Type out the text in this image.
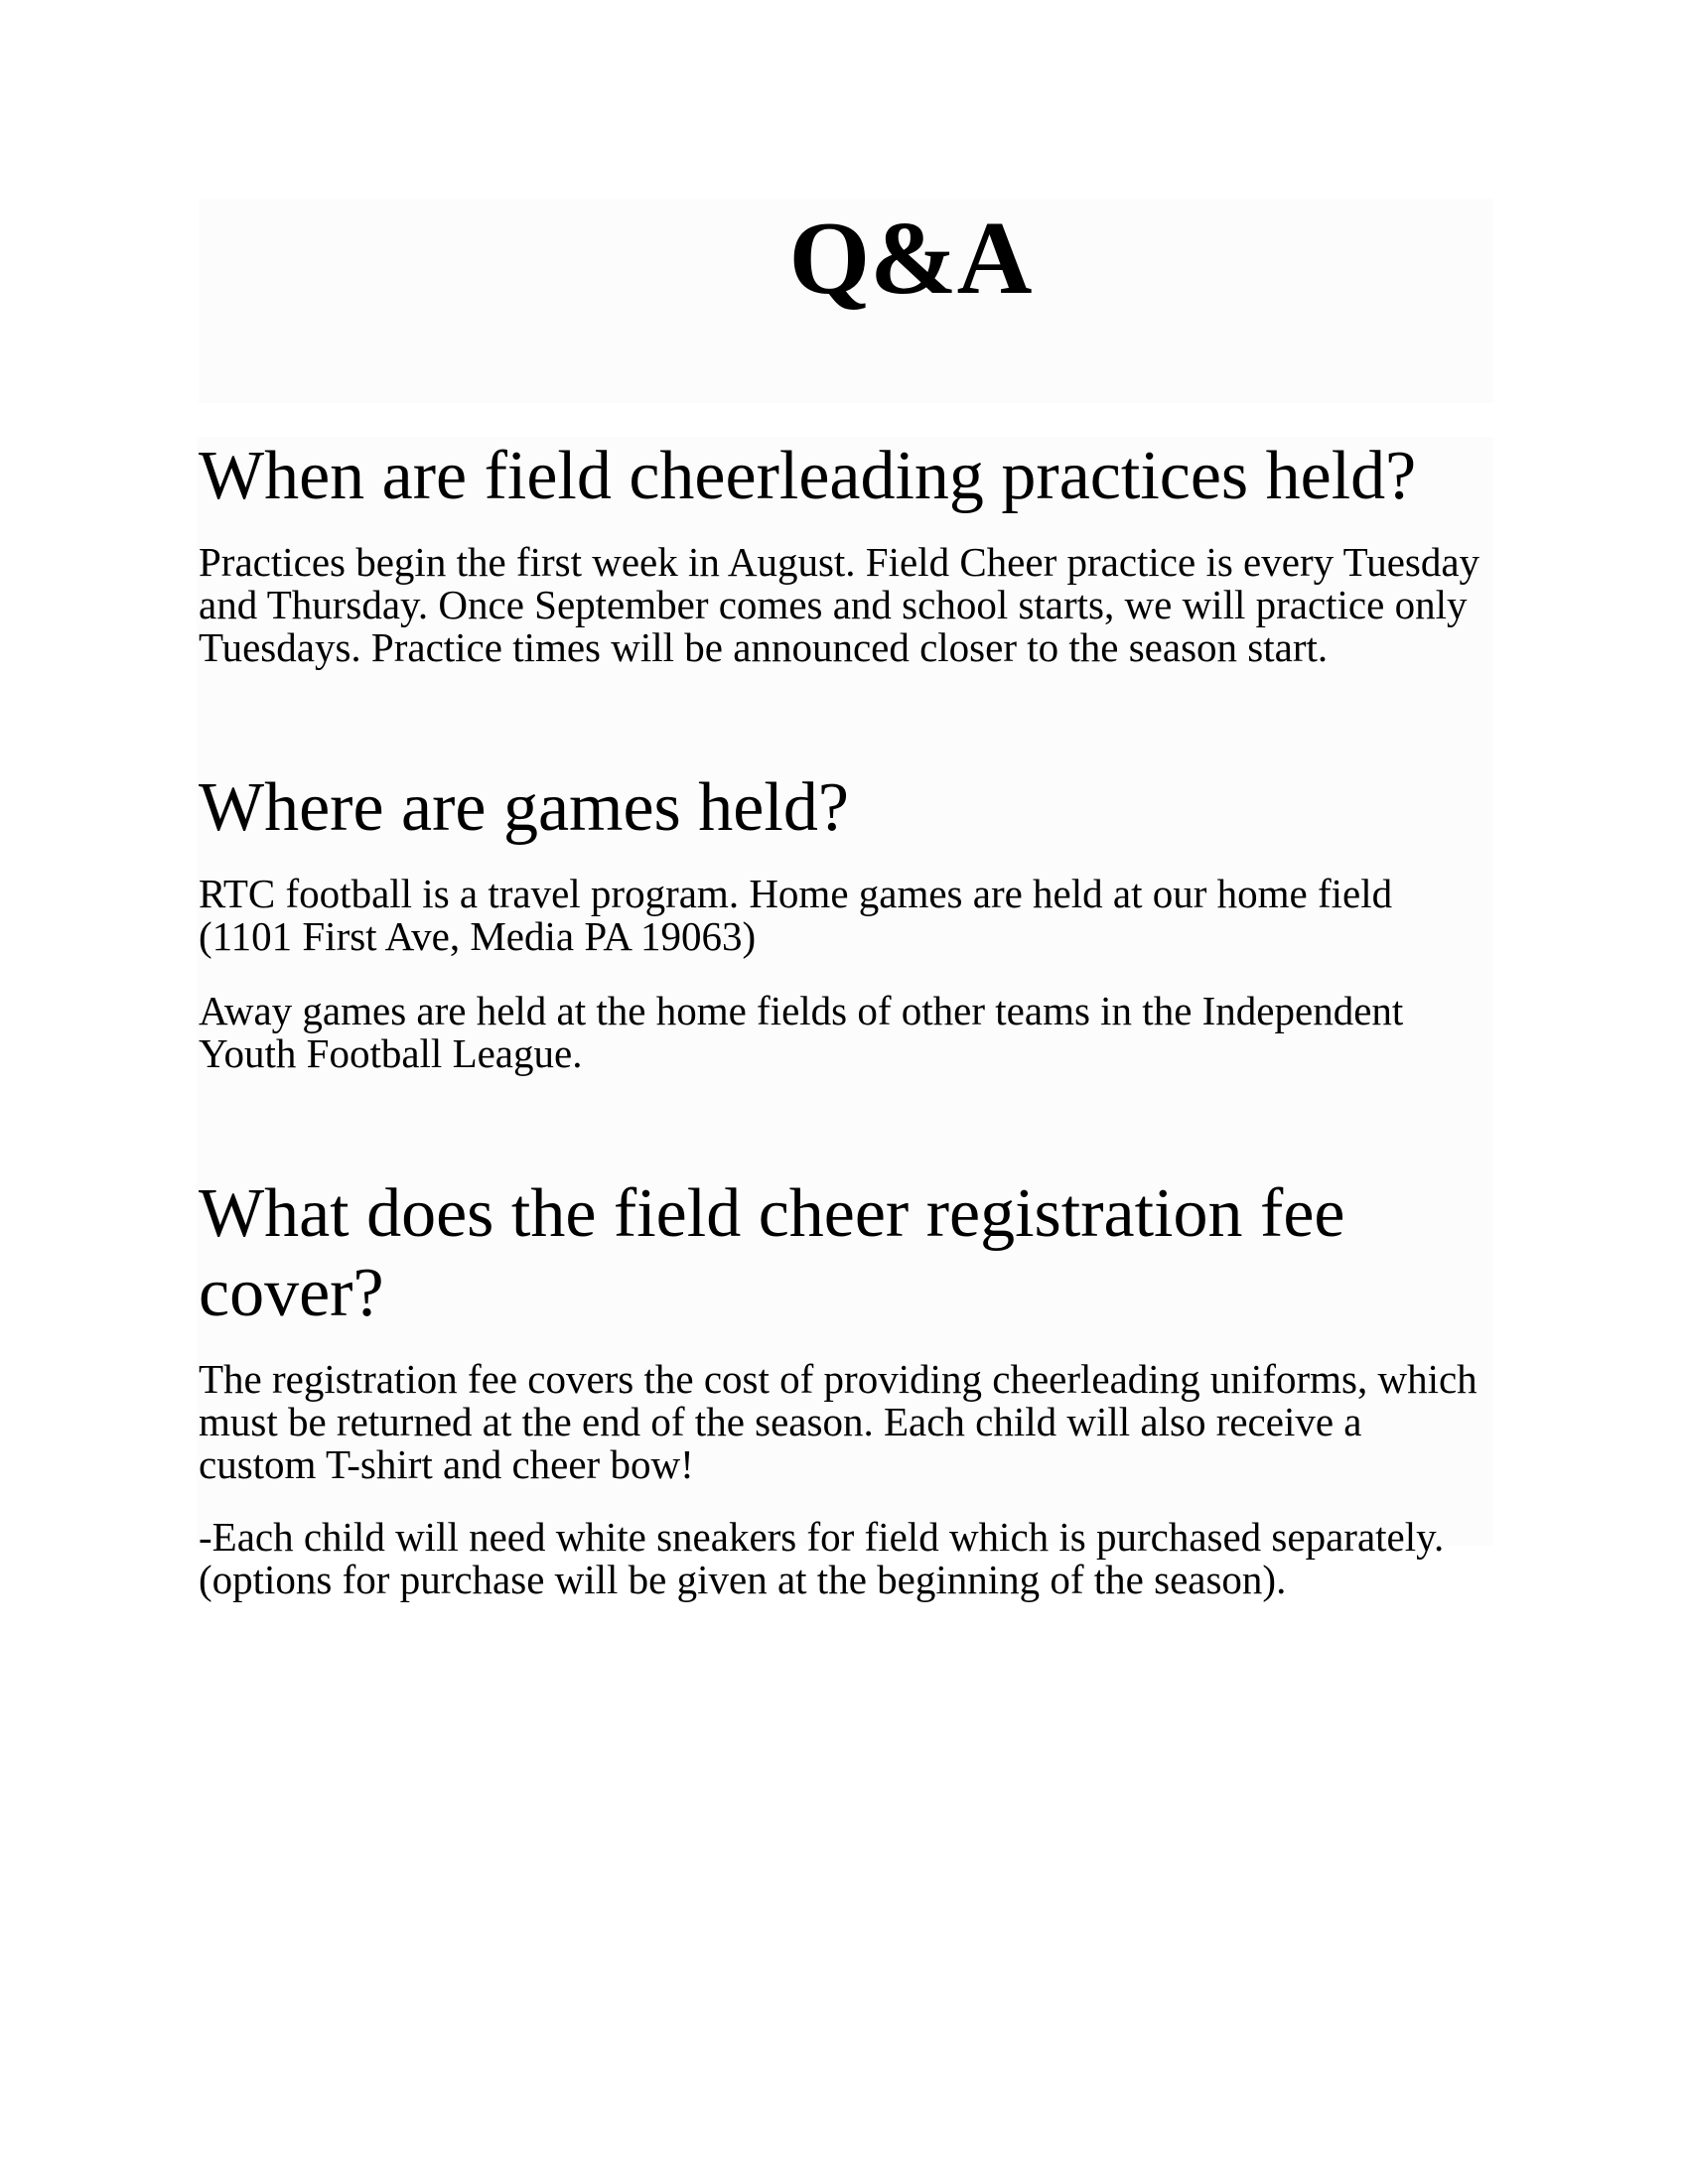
Q&A
When are field cheerleading practices held?

Practices begin the first week in August. Field Cheer practice is every Tuesday and Thursday. Once September comes and school starts, we will practice only Tuesdays. Practice times will be announced closer to the season start.

Where are games held?

RTC football is a travel program. Home games are held at our home field (1101 First Ave, Media PA 19063)

Away games are held at the home fields of other teams in the Independent Youth Football League.

What does the field cheer registration fee cover?

The registration fee covers the cost of providing cheerleading uniforms, which must be returned at the end of the season. Each child will also receive a   custom T-shirt and cheer bow!

-Each child will need white sneakers for field which is purchased separately. (options for purchase will be given at the beginning of the season).
